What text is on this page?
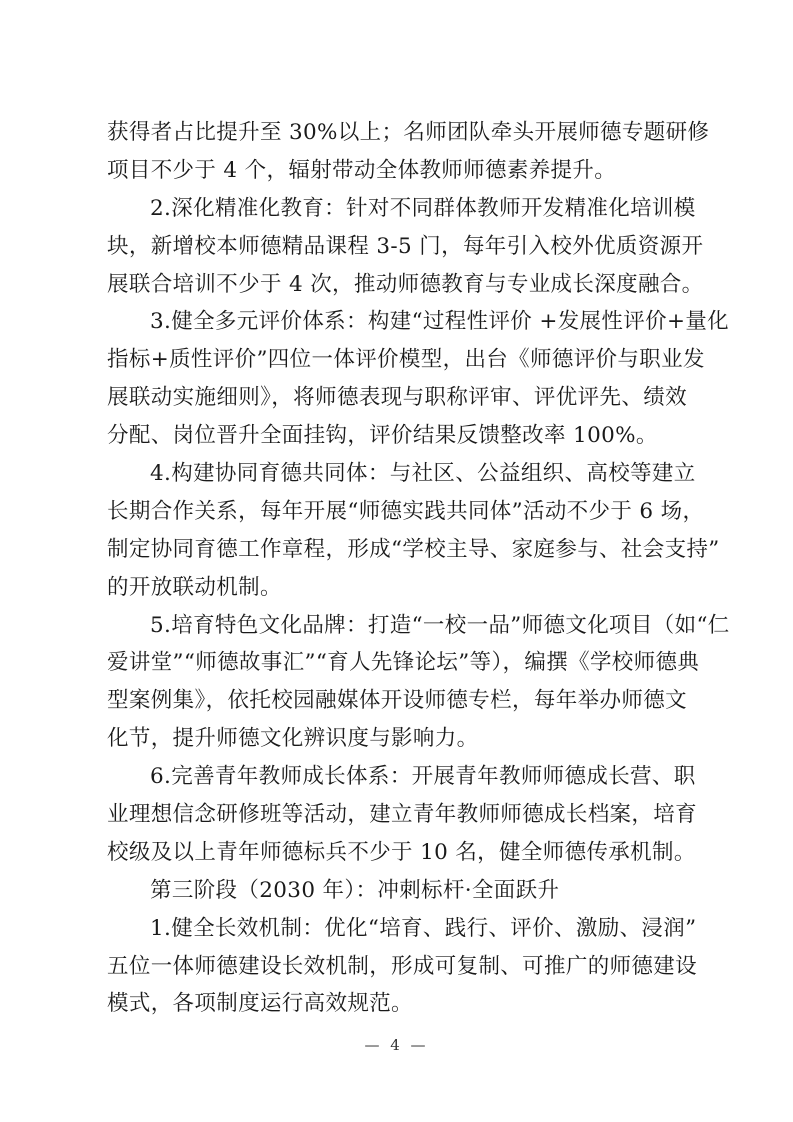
获得者占比提升至 30%以上；名师团队牵头开展师德专题研修
项目不少于 4 个，辐射带动全体教师师德素养提升。
2.深化精准化教育：针对不同群体教师开发精准化培训模
块，新增校本师德精品课程 3-5 门，每年引入校外优质资源开
展联合培训不少于 4 次，推动师德教育与专业成长深度融合。
3.健全多元评价体系：构建“过程性评价 +发展性评价+量化
指标+质性评价”四位一体评价模型，出台《师德评价与职业发
展联动实施细则》，将师德表现与职称评审、评优评先、绩效
分配、岗位晋升全面挂钩，评价结果反馈整改率 100%。
4.构建协同育德共同体：与社区、公益组织、高校等建立
长期合作关系，每年开展“师德实践共同体”活动不少于 6 场，
制定协同育德工作章程，形成“学校主导、家庭参与、社会支持”
的开放联动机制。
5.培育特色文化品牌：打造“一校一品”师德文化项目（如“仁
爱讲堂”“师德故事汇”“育人先锋论坛”等），编撰《学校师德典
型案例集》，依托校园融媒体开设师德专栏，每年举办师德文
化节，提升师德文化辨识度与影响力。
6.完善青年教师成长体系：开展青年教师师德成长营、职
业理想信念研修班等活动，建立青年教师师德成长档案，培育
校级及以上青年师德标兵不少于 10 名，健全师德传承机制。
第三阶段（2030 年）：冲刺标杆·全面跃升
1.健全长效机制：优化“培育、践行、评价、激励、浸润”
五位一体师德建设长效机制，形成可复制、可推广的师德建设
模式，各项制度运行高效规范。
— 4 —
